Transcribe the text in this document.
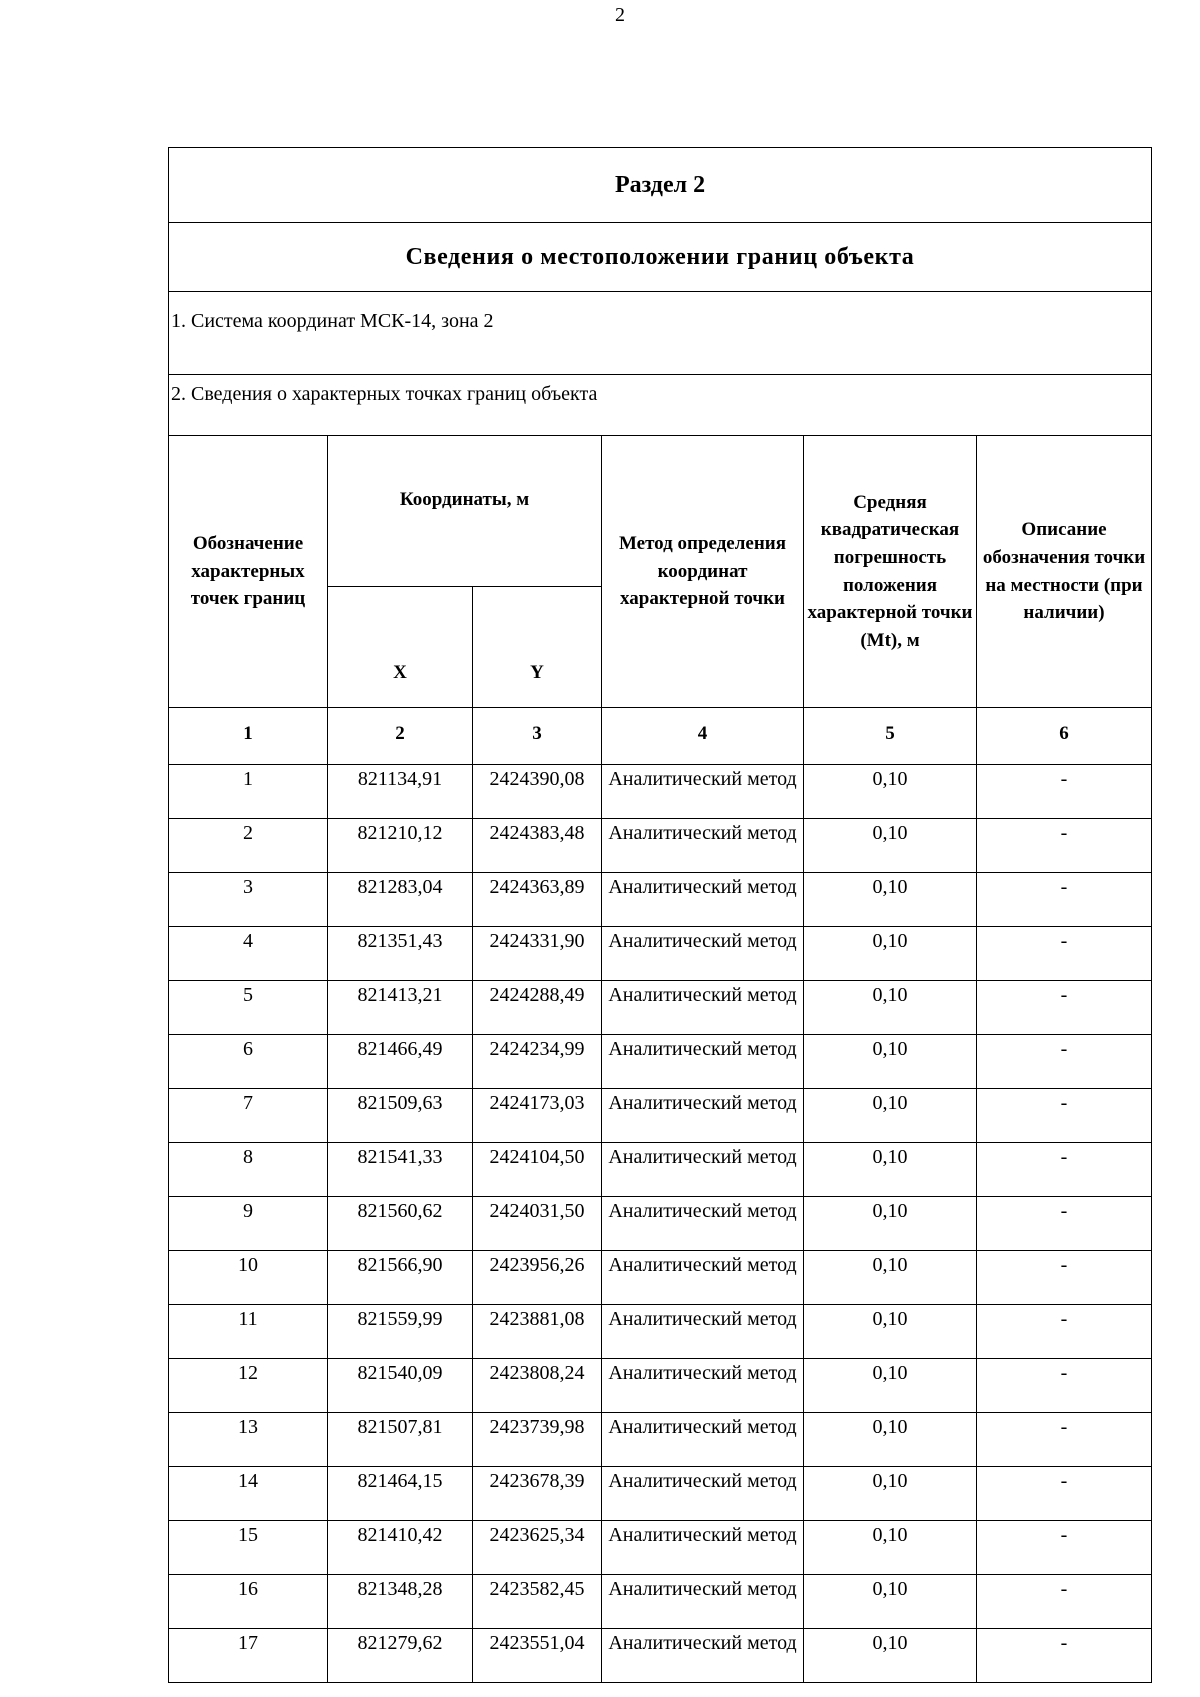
2
Раздел 2					
Сведения о местоположении границ объекта					
1. Система координат МСК-14, зона 2					
2. Сведения о характерных точках границ объекта					
Обозначение характерных точек границ	Координаты, м		Метод определения координат характерной точки	Средняя квадратическая погрешность положения характерной точки (Mt), м	Описание обозначения точки на местности (при наличии)
	X	Y			
1	2	3	4	5	6
1	821134,91	2424390,08	Аналитический метод	0,10	-
2	821210,12	2424383,48	Аналитический метод	0,10	-
3	821283,04	2424363,89	Аналитический метод	0,10	-
4	821351,43	2424331,90	Аналитический метод	0,10	-
5	821413,21	2424288,49	Аналитический метод	0,10	-
6	821466,49	2424234,99	Аналитический метод	0,10	-
7	821509,63	2424173,03	Аналитический метод	0,10	-
8	821541,33	2424104,50	Аналитический метод	0,10	-
9	821560,62	2424031,50	Аналитический метод	0,10	-
10	821566,90	2423956,26	Аналитический метод	0,10	-
11	821559,99	2423881,08	Аналитический метод	0,10	-
12	821540,09	2423808,24	Аналитический метод	0,10	-
13	821507,81	2423739,98	Аналитический метод	0,10	-
14	821464,15	2423678,39	Аналитический метод	0,10	-
15	821410,42	2423625,34	Аналитический метод	0,10	-
16	821348,28	2423582,45	Аналитический метод	0,10	-
17	821279,62	2423551,04	Аналитический метод	0,10	-
